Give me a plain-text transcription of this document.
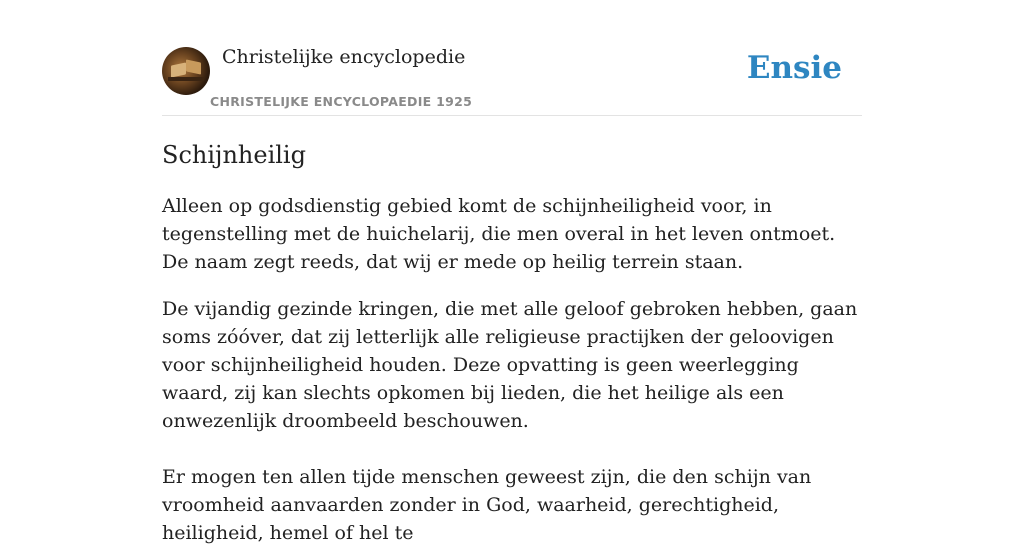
Christelijke encyclopedie
CHRISTELIJKE ENCYCLOPAEDIE 1925
Ensie
Schijnheilig

Alleen op godsdienstig gebied komt de schijnheiligheid voor, in tegenstelling met de huichelarij, die men overal in het leven ontmoet. De naam zegt reeds, dat wij er mede op heilig terrein staan.

De vijandig gezinde kringen, die met alle geloof gebroken hebben, gaan soms zóóver, dat zij letterlijk alle religieuse practijken der geloovigen voor schijnheiligheid houden. Deze opvatting is geen weerlegging waard, zij kan slechts opkomen bij lieden, die het heilige als een onwezenlijk droombeeld beschouwen.

Er mogen ten allen tijde menschen geweest zijn, die den schijn van vroomheid aanvaarden zonder in God, waarheid, gerechtigheid, heiligheid, hemel of hel te
